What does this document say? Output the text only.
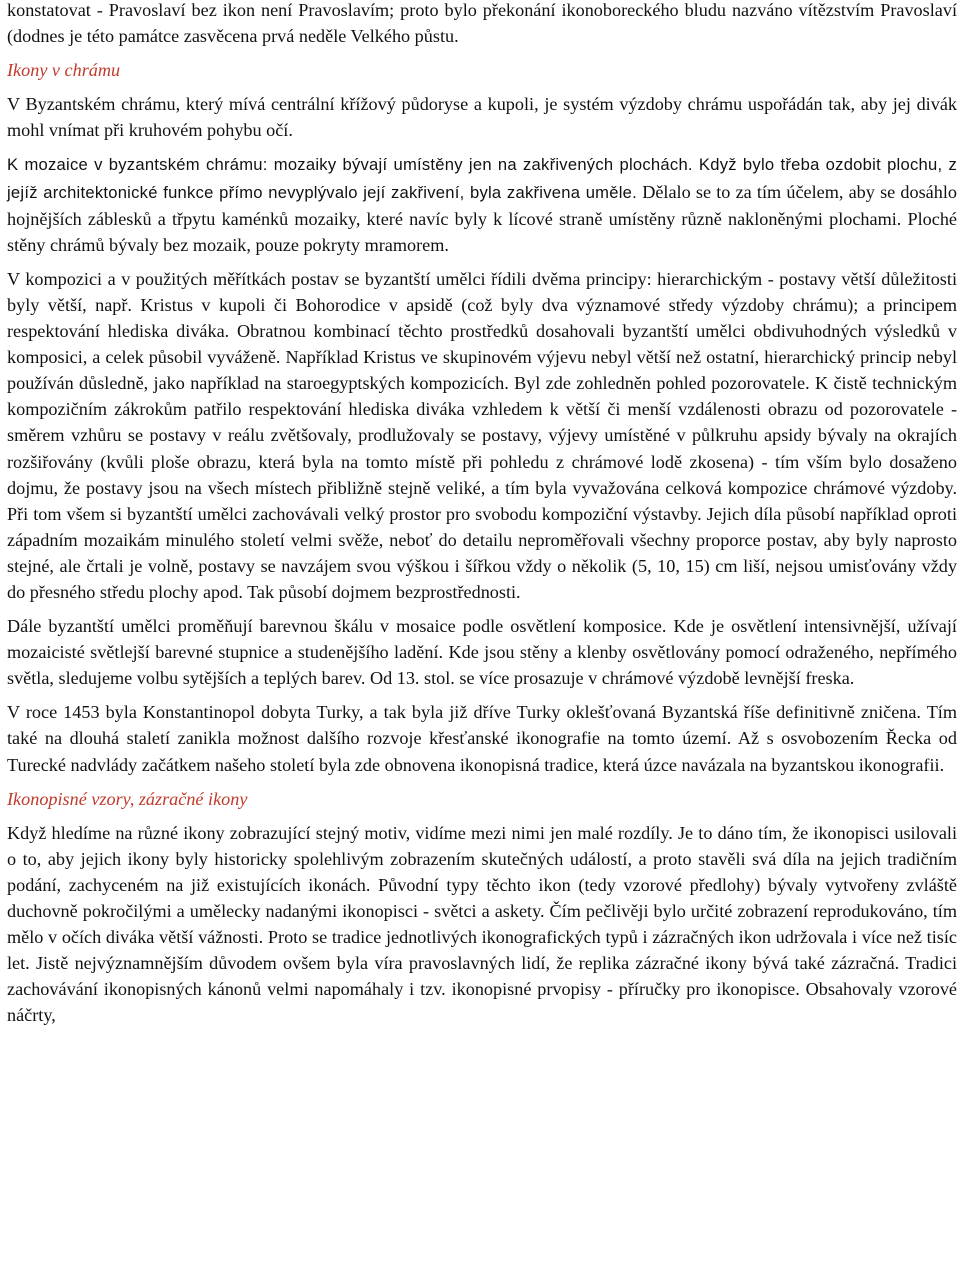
konstatovat - Pravoslaví bez ikon není Pravoslavím; proto bylo překonání ikonoboreckého bludu nazváno vítězstvím Pravoslaví (dodnes je této památce zasvěcena prvá neděle Velkého půstu.

Ikony v chrámu

V Byzantském chrámu, který mívá centrální křížový půdoryse a kupoli, je systém výzdoby chrámu uspořádán tak, aby jej divák mohl vnímat při kruhovém pohybu očí.

K mozaice v byzantském chrámu: mozaiky bývají umístěny jen na zakřivených plochách. Když bylo třeba ozdobit plochu, z jejíž architektonické funkce přímo nevyplývalo její zakřivení, byla zakřivena uměle. Dělalo se to za tím účelem, aby se dosáhlo hojnějších záblesků a třpytu kaménků mozaiky, které navíc byly k lícové straně umístěny různě nakloněnými plochami. Ploché stěny chrámů bývaly bez mozaik, pouze pokryty mramorem.

V kompozici a v použitých měřítkách postav se byzantští umělci řídili dvěma principy: hierarchickým - postavy větší důležitosti byly větší, např. Kristus v kupoli či Bohorodice v apsidě (což byly dva významové středy výzdoby chrámu); a principem respektování hlediska diváka. Obratnou kombinací těchto prostředků dosahovali byzantští umělci obdivuhodných výsledků v komposici, a celek působil vyváženě. Například Kristus ve skupinovém výjevu nebyl větší než ostatní, hierarchický princip nebyl používán důsledně, jako například na staroegyptských kompozicích. Byl zde zohledněn pohled pozorovatele. K čistě technickým kompozičním zákrokům patřilo respektování hlediska diváka vzhledem k větší či menší vzdálenosti obrazu od pozorovatele - směrem vzhůru se postavy v reálu zvětšovaly, prodlužovaly se postavy, výjevy umístěné v půlkruhu apsidy bývaly na okrajích rozšiřovány (kvůli ploše obrazu, která byla na tomto místě při pohledu z chrámové lodě zkosena) - tím vším bylo dosaženo dojmu, že postavy jsou na všech místech přibližně stejně veliké, a tím byla vyvažována celková kompozice chrámové výzdoby. Při tom všem si byzantští umělci zachovávali velký prostor pro svobodu kompoziční výstavby. Jejich díla působí například oproti západním mozaikám minulého století velmi svěže, neboť do detailu neproměřovali všechny proporce postav, aby byly naprosto stejné, ale črtali je volně, postavy se navzájem svou výškou i šířkou vždy o několik (5, 10, 15) cm liší, nejsou umisťovány vždy do přesného středu plochy apod. Tak působí dojmem bezprostřednosti.

Dále byzantští umělci proměňují barevnou škálu v mosaice podle osvětlení komposice. Kde je osvětlení intensivnější, užívají mozaicisté světlejší barevné stupnice a studenějšího ladění. Kde jsou stěny a klenby osvětlovány pomocí odraženého, nepřímého světla, sledujeme volbu sytějších a teplých barev. Od 13. stol. se více prosazuje v chrámové výzdobě levnější freska.

V roce 1453 byla Konstantinopol dobyta Turky, a tak byla již dříve Turky oklešťovaná Byzantská říše definitivně zničena. Tím také na dlouhá staletí zanikla možnost dalšího rozvoje křesťanské ikonografie na tomto území. Až s osvobozením Řecka od Turecké nadvlády začátkem našeho století byla zde obnovena ikonopisná tradice, která úzce navázala na byzantskou ikonografii.

Ikonopisné vzory, zázračné ikony

Když hledíme na různé ikony zobrazující stejný motiv, vidíme mezi nimi jen malé rozdíly. Je to dáno tím, že ikonopisci usilovali o to, aby jejich ikony byly historicky spolehlivým zobrazením skutečných událostí, a proto stavěli svá díla na jejich tradičním podání, zachyceném na již existujících ikonách. Původní typy těchto ikon (tedy vzorové předlohy) bývaly vytvořeny zvláště duchovně pokročilými a umělecky nadanými ikonopisci - světci a askety. Čím pečlivěji bylo určité zobrazení reprodukováno, tím mělo v očích diváka větší vážnosti. Proto se tradice jednotlivých ikonografických typů i zázračných ikon udržovala i více než tisíc let. Jistě nejvýznamnějším důvodem ovšem byla víra pravoslavných lidí, že replika zázračné ikony bývá také zázračná. Tradici zachovávání ikonopisných kánonů velmi napomáhaly i tzv. ikonopisné prvopisy - příručky pro ikonopisce. Obsahovaly vzorové náčrty,
